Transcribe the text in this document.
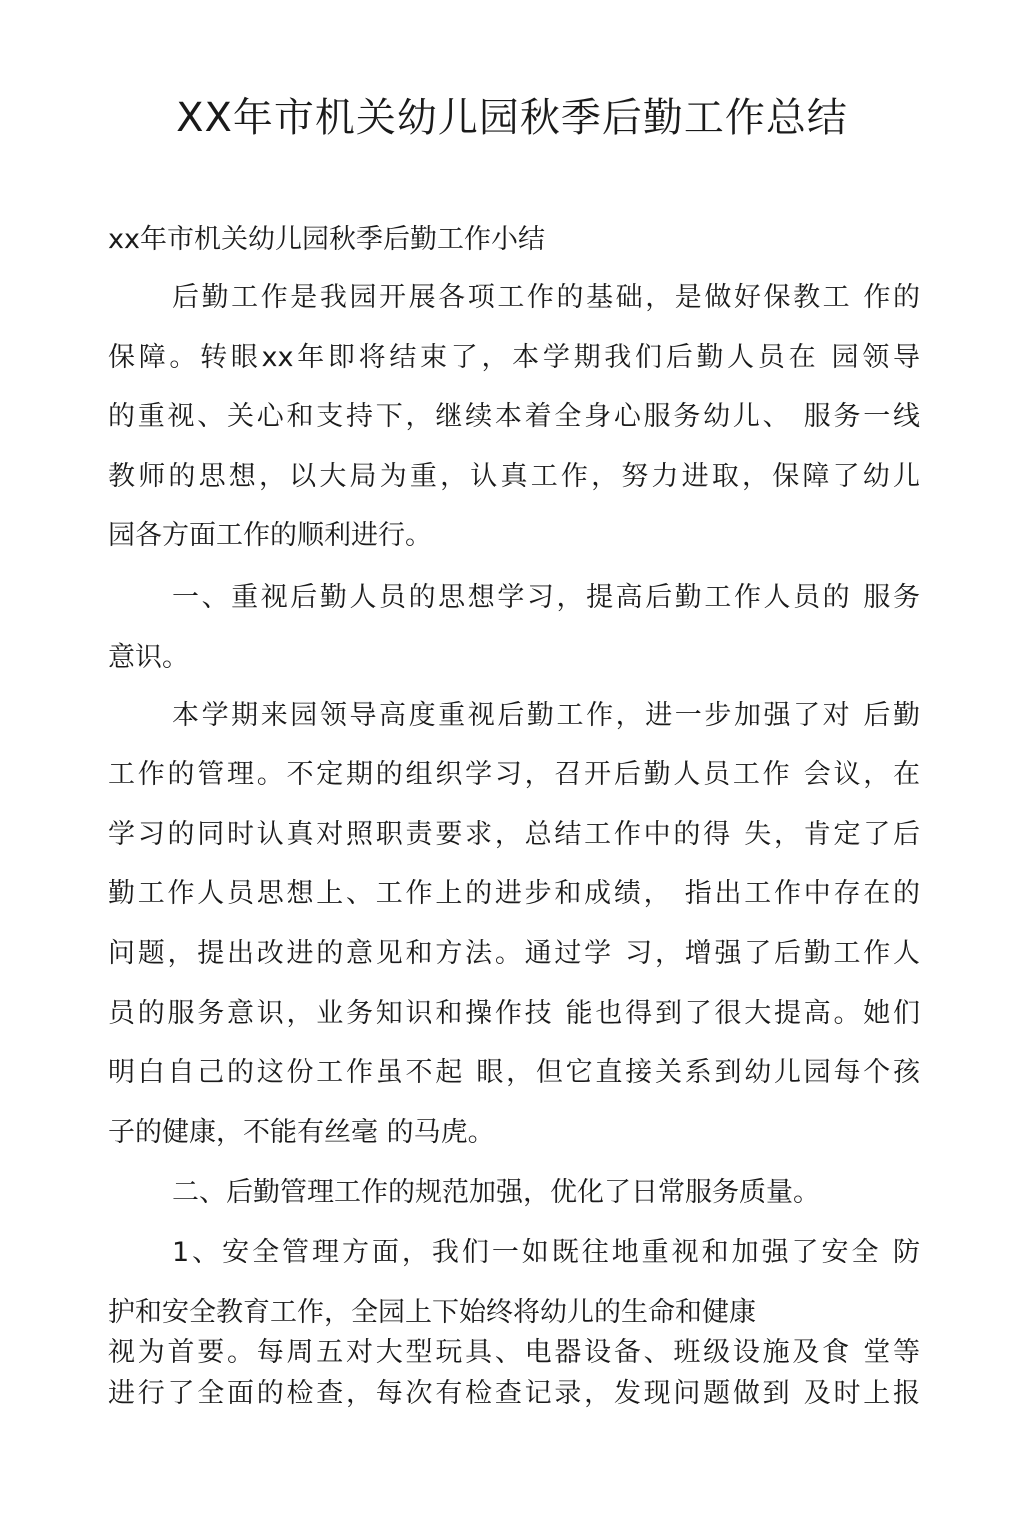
XX年市机关幼儿园秋季后勤工作总结
xx年市机关幼儿园秋季后勤工作小结
后勤工作是我园开展各项工作的基础，是做好保教工 作的
保障。转眼xx年即将结束了，本学期我们后勤人员在 园领导
的重视、关心和支持下，继续本着全身心服务幼儿、 服务一线
教师的思想，以大局为重，认真工作，努力进取，保障了幼儿
园各方面工作的顺利进行。
一、重视后勤人员的思想学习，提高后勤工作人员的 服务
意识。
本学期来园领导高度重视后勤工作，进一步加强了对 后勤
工作的管理。不定期的组织学习，召开后勤人员工作 会议，在
学习的同时认真对照职责要求，总结工作中的得 失，肯定了后
勤工作人员思想上、工作上的进步和成绩， 指出工作中存在的
问题，提出改进的意见和方法。通过学 习，增强了后勤工作人
员的服务意识，业务知识和操作技 能也得到了很大提高。她们
明白自己的这份工作虽不起 眼，但它直接关系到幼儿园每个孩
子的健康，不能有丝毫 的马虎。
二、后勤管理工作的规范加强，优化了日常服务质量。
1、安全管理方面，我们一如既往地重视和加强了安全 防
护和安全教育工作，全园上下始终将幼儿的生命和健康
视为首要。每周五对大型玩具、电器设备、班级设施及食 堂等
进行了全面的检查，每次有检查记录，发现问题做到 及时上报
